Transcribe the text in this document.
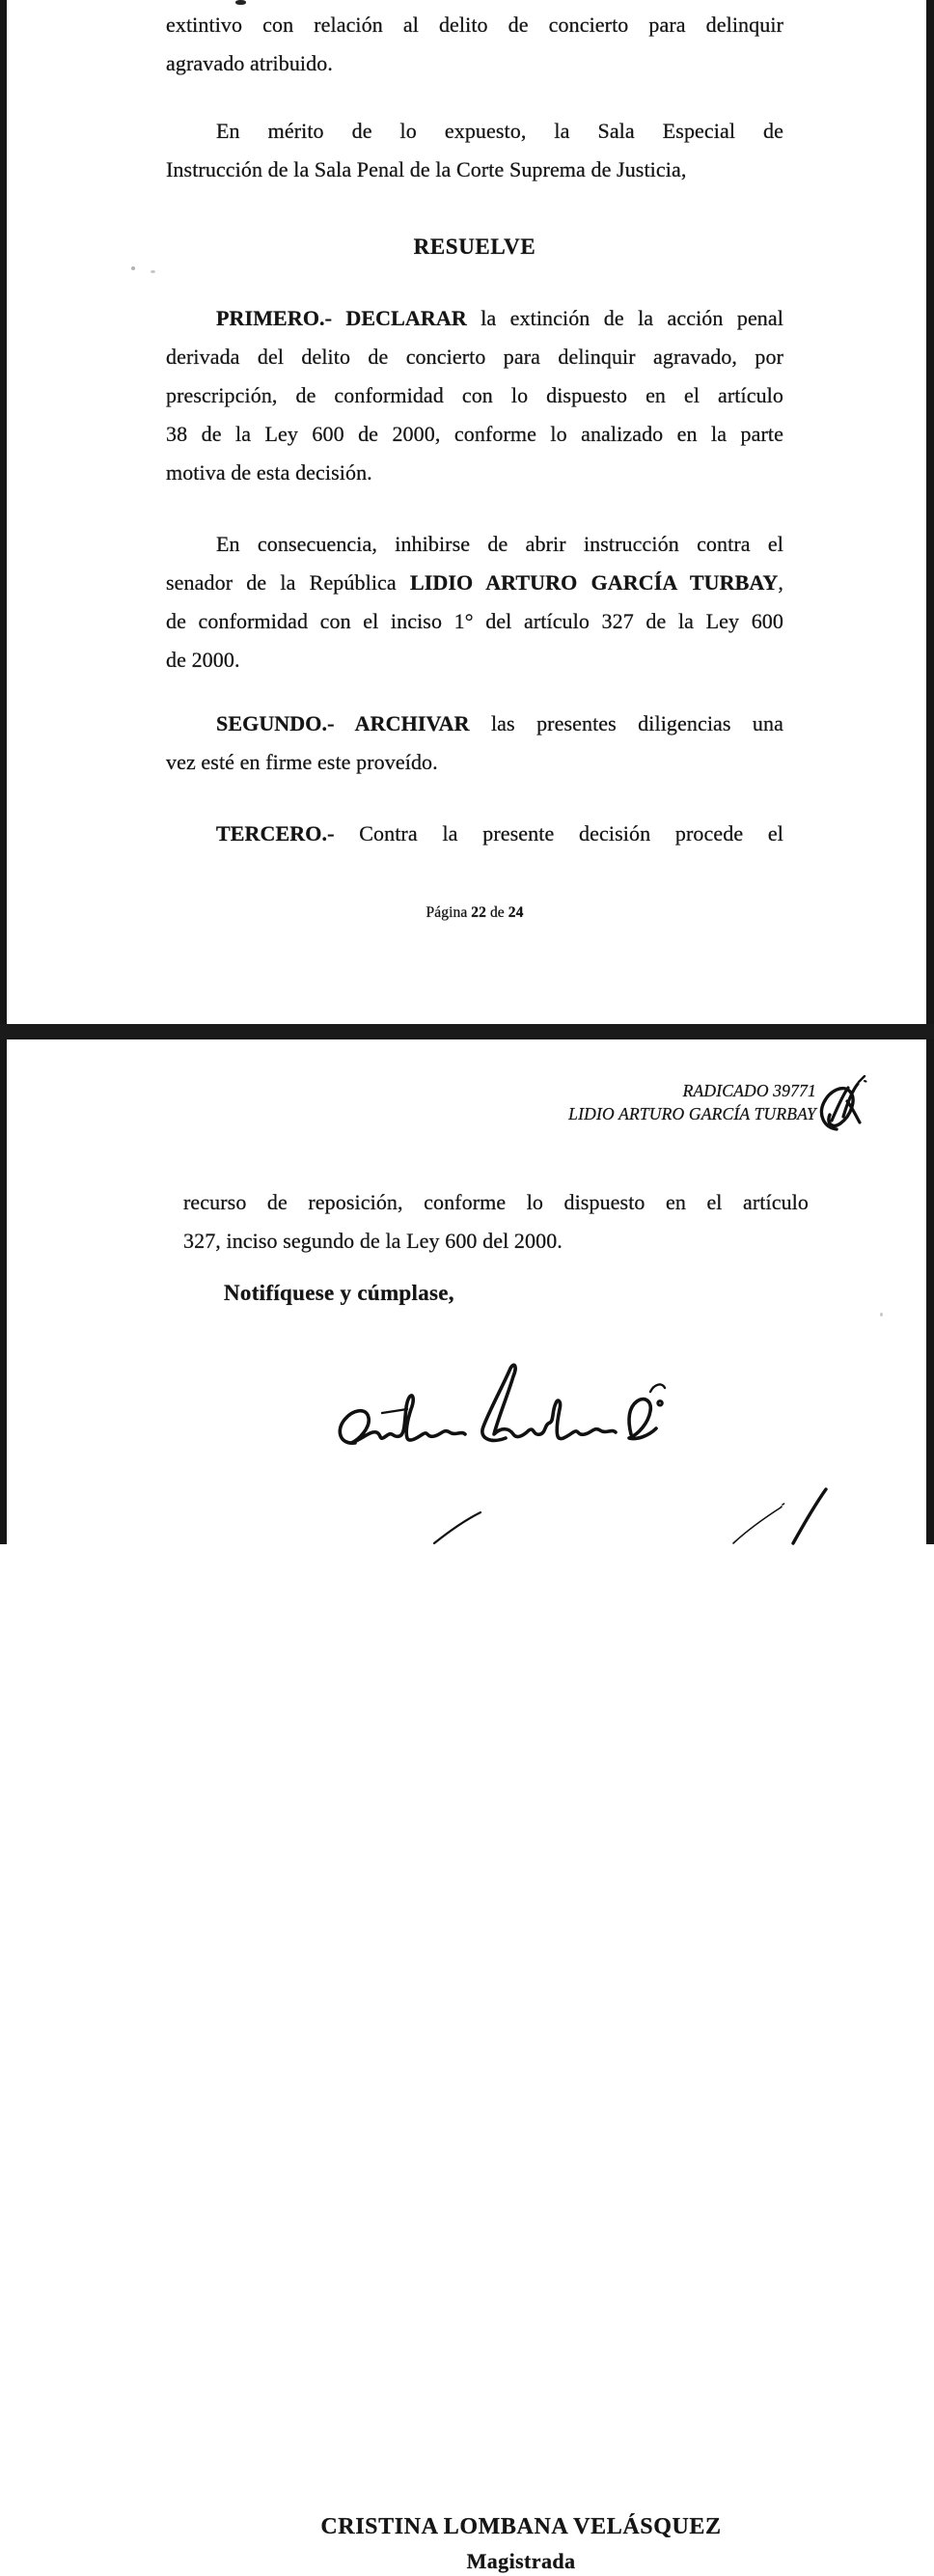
extintivo con relación al delito de concierto para delinquir
agravado atribuido.
En mérito de lo expuesto, la Sala Especial de
Instrucción de la Sala Penal de la Corte Suprema de Justicia,
RESUELVE
PRIMERO.- DECLARAR la extinción de la acción penal
derivada del delito de concierto para delinquir agravado, por
prescripción, de conformidad con lo dispuesto en el artículo
38 de la Ley 600 de 2000, conforme lo analizado en la parte
motiva de esta decisión.
En consecuencia, inhibirse de abrir instrucción contra el
senador de la República LIDIO ARTURO GARCÍA TURBAY,
de conformidad con el inciso 1° del artículo 327 de la Ley 600
de 2000.
SEGUNDO.- ARCHIVAR las presentes diligencias una
vez esté en firme este proveído.
TERCERO.- Contra la presente decisión procede el
Página 22 de 24
RADICADO 39771
LIDIO ARTURO GARCÍA TURBAY
recurso de reposición, conforme lo dispuesto en el artículo
327, inciso segundo de la Ley 600 del 2000.
Notifíquese y cúmplase,
CRISTINA LOMBANA VELÁSQUEZ
Magistrada
